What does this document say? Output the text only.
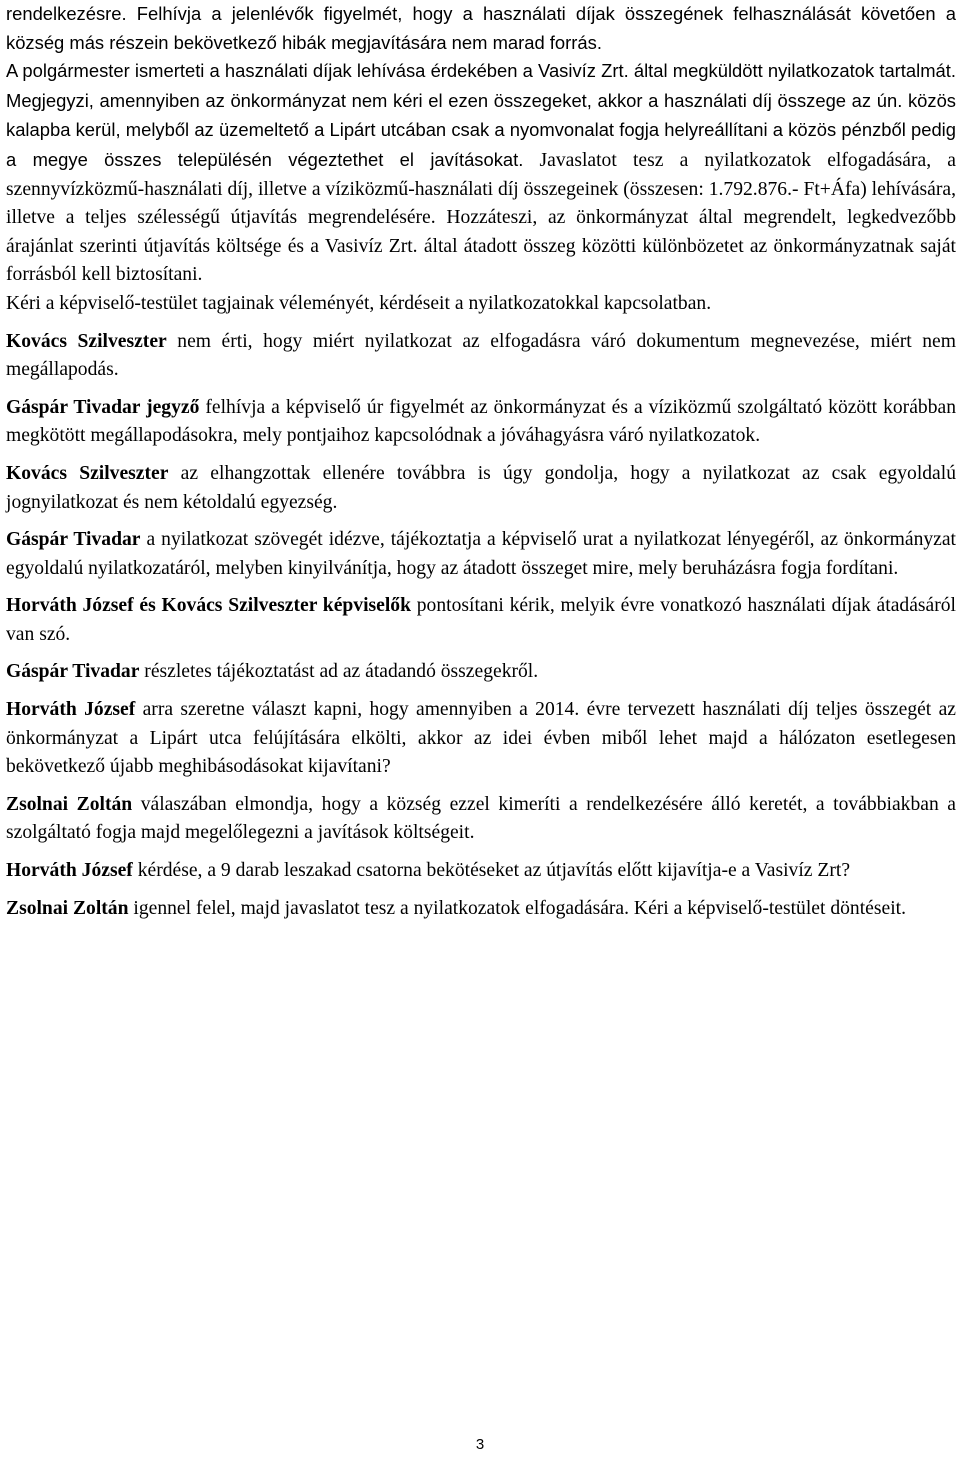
rendelkezésre. Felhívja a jelenlévők figyelmét, hogy a használati díjak összegének felhasználását követően a község más részein bekövetkező hibák megjavítására nem marad forrás.

A polgármester ismerteti a használati díjak lehívása érdekében a Vasivíz Zrt. által megküldött nyilatkozatok tartalmát. Megjegyzi, amennyiben az önkormányzat nem kéri el ezen összegeket, akkor a használati díj összege az ún. közös kalapba kerül, melyből az üzemeltető a Lipárt utcában csak a nyomvonalat fogja helyreállítani a közös pénzből pedig a megye összes településén végeztethet el javításokat. Javaslatot tesz a nyilatkozatok elfogadására, a szennyvízközmű-használati díj, illetve a víziközmű-használati díj összegeinek (összesen: 1.792.876.- Ft+Áfa) lehívására, illetve a teljes szélességű útjavítás megrendelésére. Hozzáteszi, az önkormányzat által megrendelt, legkedvezőbb árajánlat szerinti útjavítás költsége és a Vasivíz Zrt. által átadott összeg közötti különbözetet az önkormányzatnak saját forrásból kell biztosítani.

Kéri a képviselő-testület tagjainak véleményét, kérdéseit a nyilatkozatokkal kapcsolatban.

Kovács Szilveszter nem érti, hogy miért nyilatkozat az elfogadásra váró dokumentum megnevezése, miért nem megállapodás.

Gáspár Tivadar jegyző felhívja a képviselő úr figyelmét az önkormányzat és a víziközmű szolgáltató között korábban megkötött megállapodásokra, mely pontjaihoz kapcsolódnak a jóváhagyásra váró nyilatkozatok.

Kovács Szilveszter az elhangzottak ellenére továbbra is úgy gondolja, hogy a nyilatkozat az csak egyoldalú jognyilatkozat és nem kétoldalú egyezség.

Gáspár Tivadar a nyilatkozat szövegét idézve, tájékoztatja a képviselő urat a nyilatkozat lényegéről, az önkormányzat egyoldalú nyilatkozatáról, melyben kinyilvánítja, hogy az átadott összeget mire, mely beruházásra fogja fordítani.

Horváth József és Kovács Szilveszter képviselők pontosítani kérik, melyik évre vonatkozó használati díjak átadásáról van szó.

Gáspár Tivadar részletes tájékoztatást ad az átadandó összegekről.

Horváth József arra szeretne választ kapni, hogy amennyiben a 2014. évre tervezett használati díj teljes összegét az önkormányzat a Lipárt utca felújítására elkölti, akkor az idei évben miből lehet majd a hálózaton esetlegesen bekövetkező újabb meghibásodásokat kijavítani?

Zsolnai Zoltán válaszában elmondja, hogy a község ezzel kimeríti a rendelkezésére álló keretét, a továbbiakban a szolgáltató fogja majd megelőlegezni a javítások költségeit.

Horváth József kérdése, a 9 darab leszakad csatorna bekötéseket az útjavítás előtt kijavítja-e a Vasivíz Zrt?

Zsolnai Zoltán igennel felel, majd javaslatot tesz a nyilatkozatok elfogadására. Kéri a képviselő-testület döntéseit.

3
